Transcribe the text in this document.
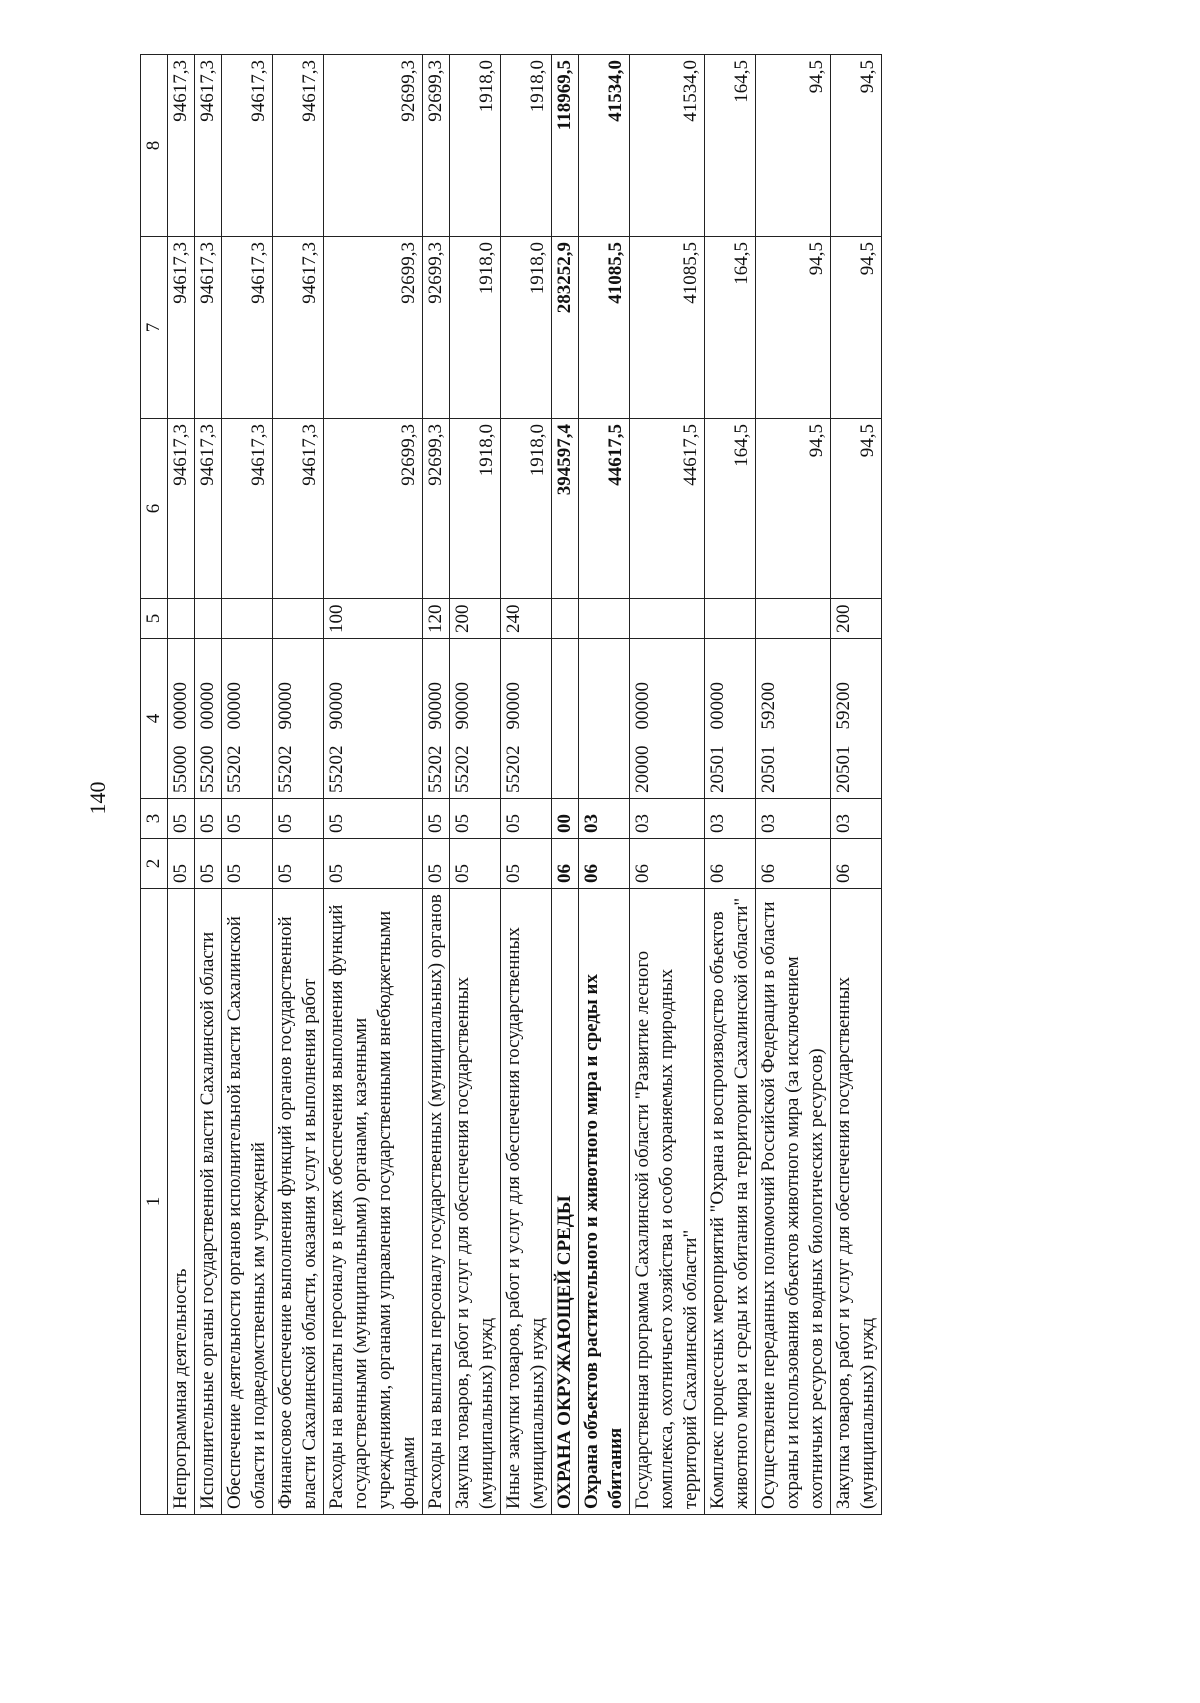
140
1	2	3	4	5	6	7	8
Непрограммная деятельность	05	05	5500000000		94617,3	94617,3	94617,3
Исполнительные органы государственной власти Сахалинской области	05	05	5520000000		94617,3	94617,3	94617,3
Обеспечение деятельности органов исполнительной власти Сахалинской области и подведомственных им учреждений	05	05	5520200000		94617,3	94617,3	94617,3
Финансовое обеспечение выполнения функций органов государственной власти Сахалинской области, оказания услуг и выполнения работ	05	05	5520290000		94617,3	94617,3	94617,3
Расходы на выплаты персоналу в целях обеспечения выполнения функций государственными (муниципальными) органами, казенными учреждениями, органами управления государственными внебюджетными фондами	05	05	5520290000	100	92699,3	92699,3	92699,3
Расходы на выплаты персоналу государственных (муниципальных) органов	05	05	5520290000	120	92699,3	92699,3	92699,3
Закупка товаров, работ и услуг для обеспечения государственных (муниципальных) нужд	05	05	5520290000	200	1918,0	1918,0	1918,0
Иные закупки товаров, работ и услуг для обеспечения государственных (муниципальных) нужд	05	05	5520290000	240	1918,0	1918,0	1918,0
ОХРАНА ОКРУЖАЮЩЕЙ СРЕДЫ	06	00			394597,4	283252,9	118969,5
Охрана объектов растительного и животного мира и среды их обитания	06	03			44617,5	41085,5	41534,0
Государственная программа Сахалинской области "Развитие лесного комплекса, охотничьего хозяйства и особо охраняемых природных территорий Сахалинской области"	06	03	2000000000		44617,5	41085,5	41534,0
Комплекс процессных мероприятий "Охрана и воспроизводство объектов животного мира и среды их обитания на территории Сахалинской области"	06	03	2050100000		164,5	164,5	164,5
Осуществление переданных полномочий Российской Федерации в области охраны и использования объектов животного мира (за исключением охотничьих ресурсов и водных биологических ресурсов)	06	03	2050159200		94,5	94,5	94,5
Закупка товаров, работ и услуг для обеспечения государственных (муниципальных) нужд	06	03	2050159200	200	94,5	94,5	94,5
